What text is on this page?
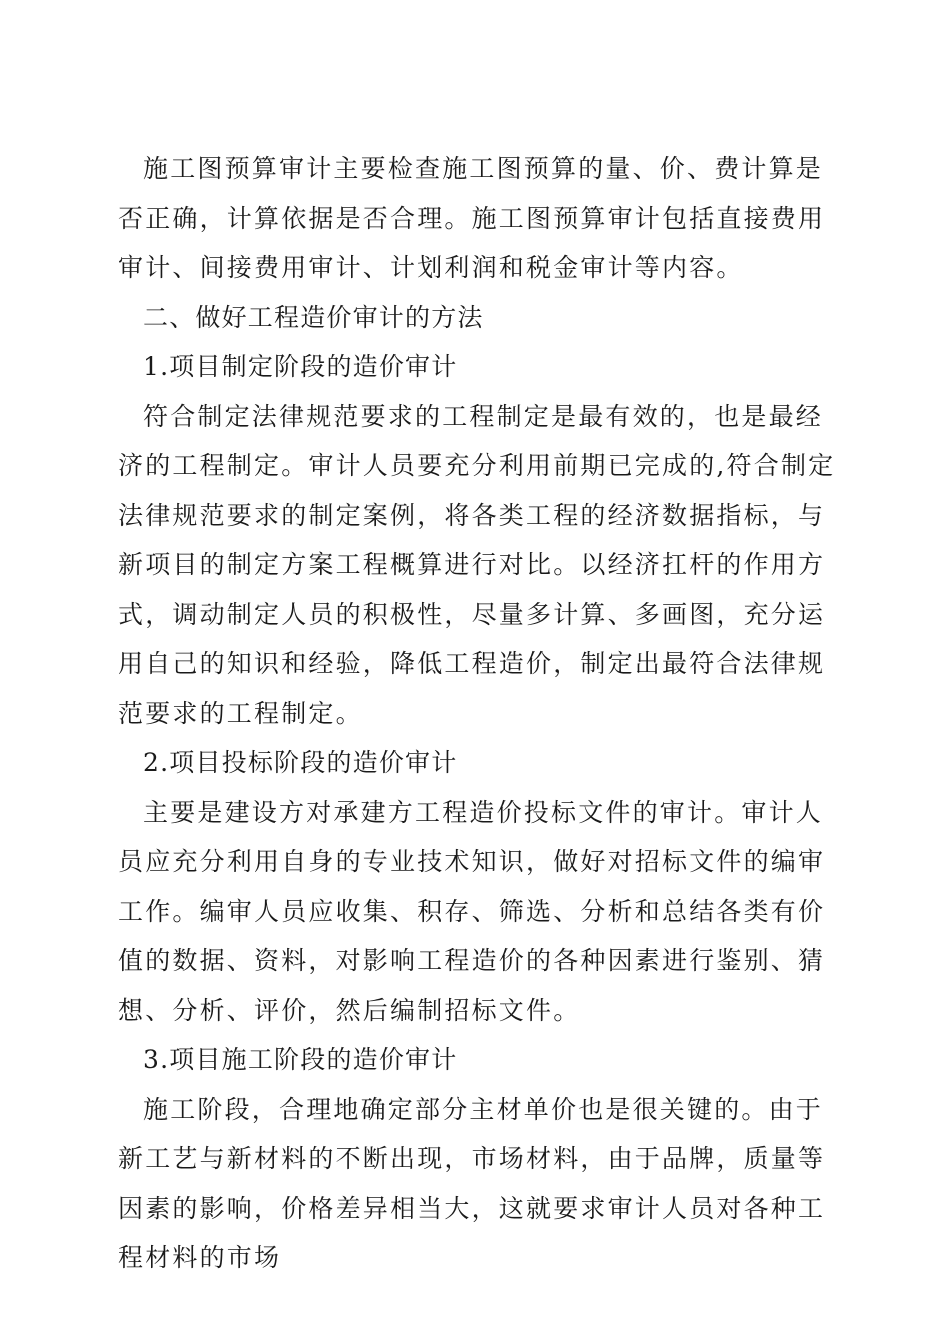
施工图预算审计主要检查施工图预算的量、价、费计算是否正确，计算依据是否合理。施工图预算审计包括直接费用审计、间接费用审计、计划利润和税金审计等内容。

二、做好工程造价审计的方法

1.项目制定阶段的造价审计

符合制定法律规范要求的工程制定是最有效的，也是最经济的工程制定。审计人员要充分利用前期已完成的,符合制定法律规范要求的制定案例，将各类工程的经济数据指标，与新项目的制定方案工程概算进行对比。以经济扛杆的作用方式，调动制定人员的积极性，尽量多计算、多画图，充分运用自己的知识和经验，降低工程造价，制定出最符合法律规范要求的工程制定。

2.项目投标阶段的造价审计

主要是建设方对承建方工程造价投标文件的审计。审计人员应充分利用自身的专业技术知识，做好对招标文件的编审工作。编审人员应收集、积存、筛选、分析和总结各类有价值的数据、资料，对影响工程造价的各种因素进行鉴别、猜想、分析、评价，然后编制招标文件。

3.项目施工阶段的造价审计

施工阶段，合理地确定部分主材单价也是很关键的。由于新工艺与新材料的不断出现，市场材料，由于品牌，质量等因素的影响，价格差异相当大，这就要求审计人员对各种工程材料的市场
